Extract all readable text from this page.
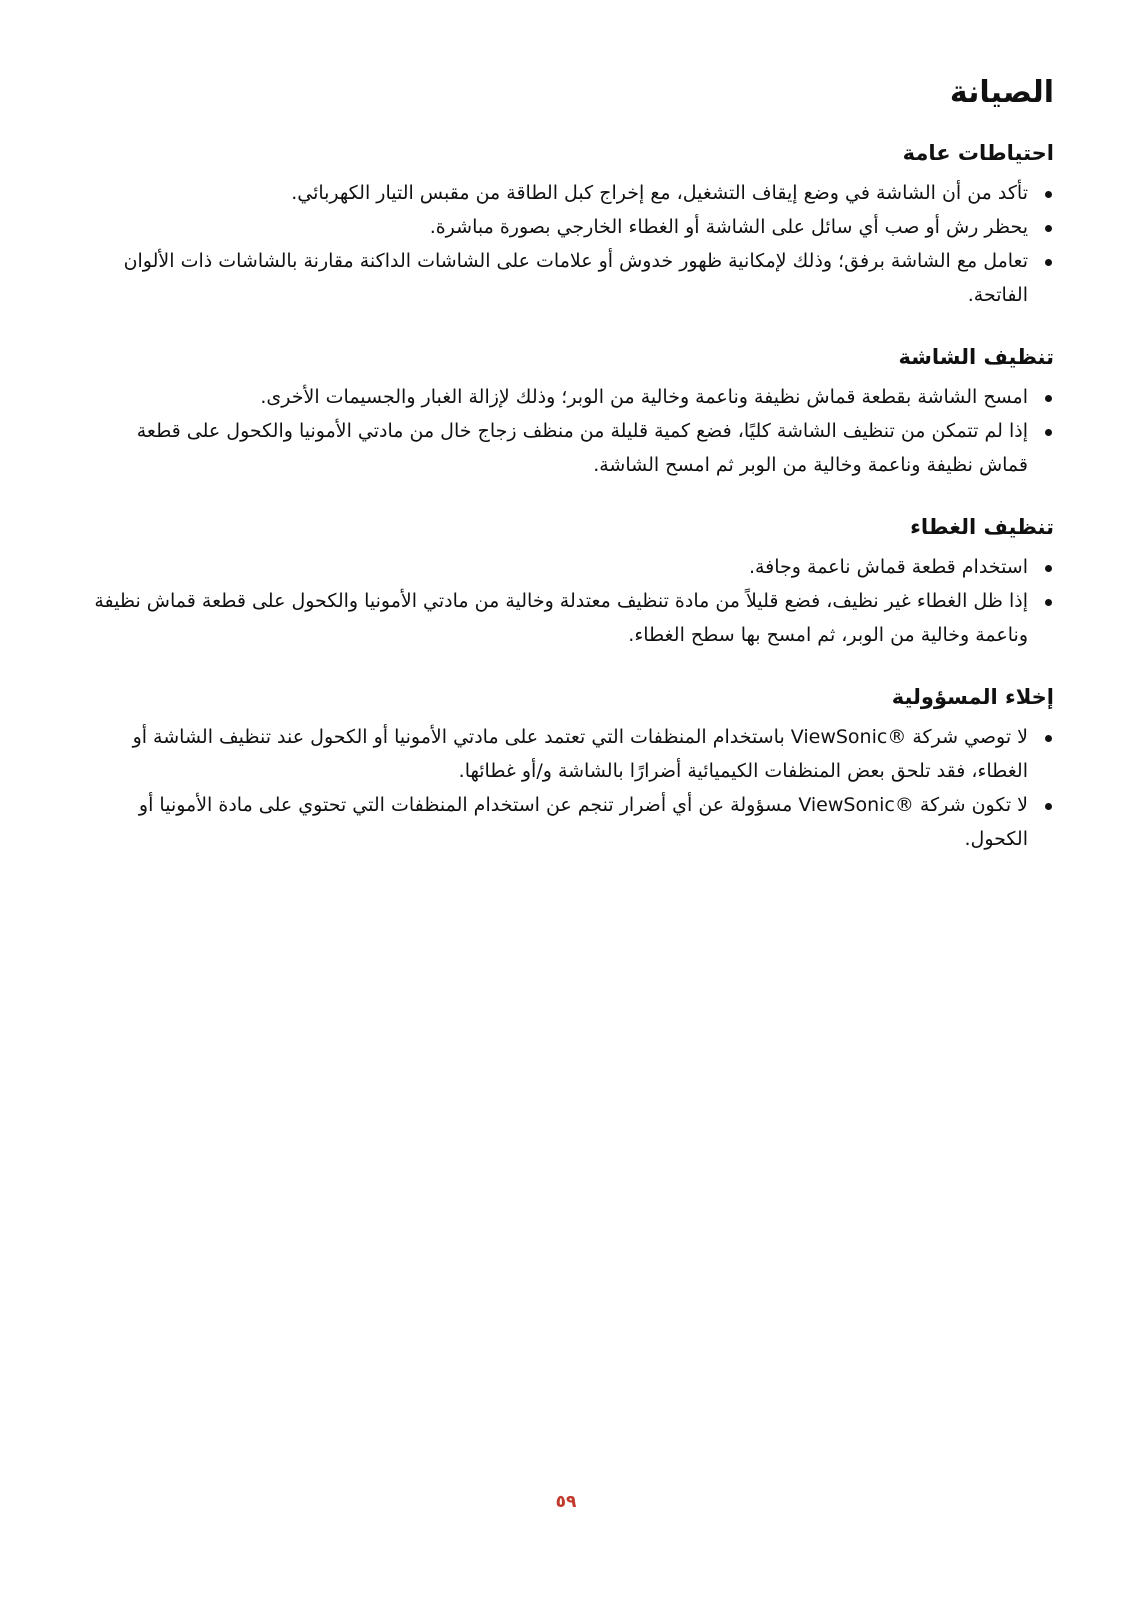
الصيانة
احتياطات عامة
تأكد من أن الشاشة في وضع إيقاف التشغيل، مع إخراج كبل الطاقة من مقبس التيار الكهربائي.
يحظر رش أو صب أي سائل على الشاشة أو الغطاء الخارجي بصورة مباشرة.
تعامل مع الشاشة برفق؛ وذلك لإمكانية ظهور خدوش أو علامات على الشاشات الداكنة مقارنة بالشاشات ذات الألوان الفاتحة.
تنظيف الشاشة
امسح الشاشة بقطعة قماش نظيفة وناعمة وخالية من الوبر؛ وذلك لإزالة الغبار والجسيمات الأخرى.
إذا لم تتمكن من تنظيف الشاشة كليًا، فضع كمية قليلة من منظف زجاج خال من مادتي الأمونيا والكحول على قطعة قماش نظيفة وناعمة وخالية من الوبر ثم امسح الشاشة.
تنظيف الغطاء
استخدام قطعة قماش ناعمة وجافة.
إذا ظل الغطاء غير نظيف، فضع قليلاً من مادة تنظيف معتدلة وخالية من مادتي الأمونيا والكحول على قطعة قماش نظيفة وناعمة وخالية من الوبر، ثم امسح بها سطح الغطاء.
إخلاء المسؤولية
لا توصي شركة ®ViewSonic باستخدام المنظفات التي تعتمد على مادتي الأمونيا أو الكحول عند تنظيف الشاشة أو الغطاء، فقد تلحق بعض المنظفات الكيميائية أضرارًا بالشاشة و/أو غطائها.
لا تكون شركة ®ViewSonic مسؤولة عن أي أضرار تنجم عن استخدام المنظفات التي تحتوي على مادة الأمونيا أو الكحول.
٥٩
